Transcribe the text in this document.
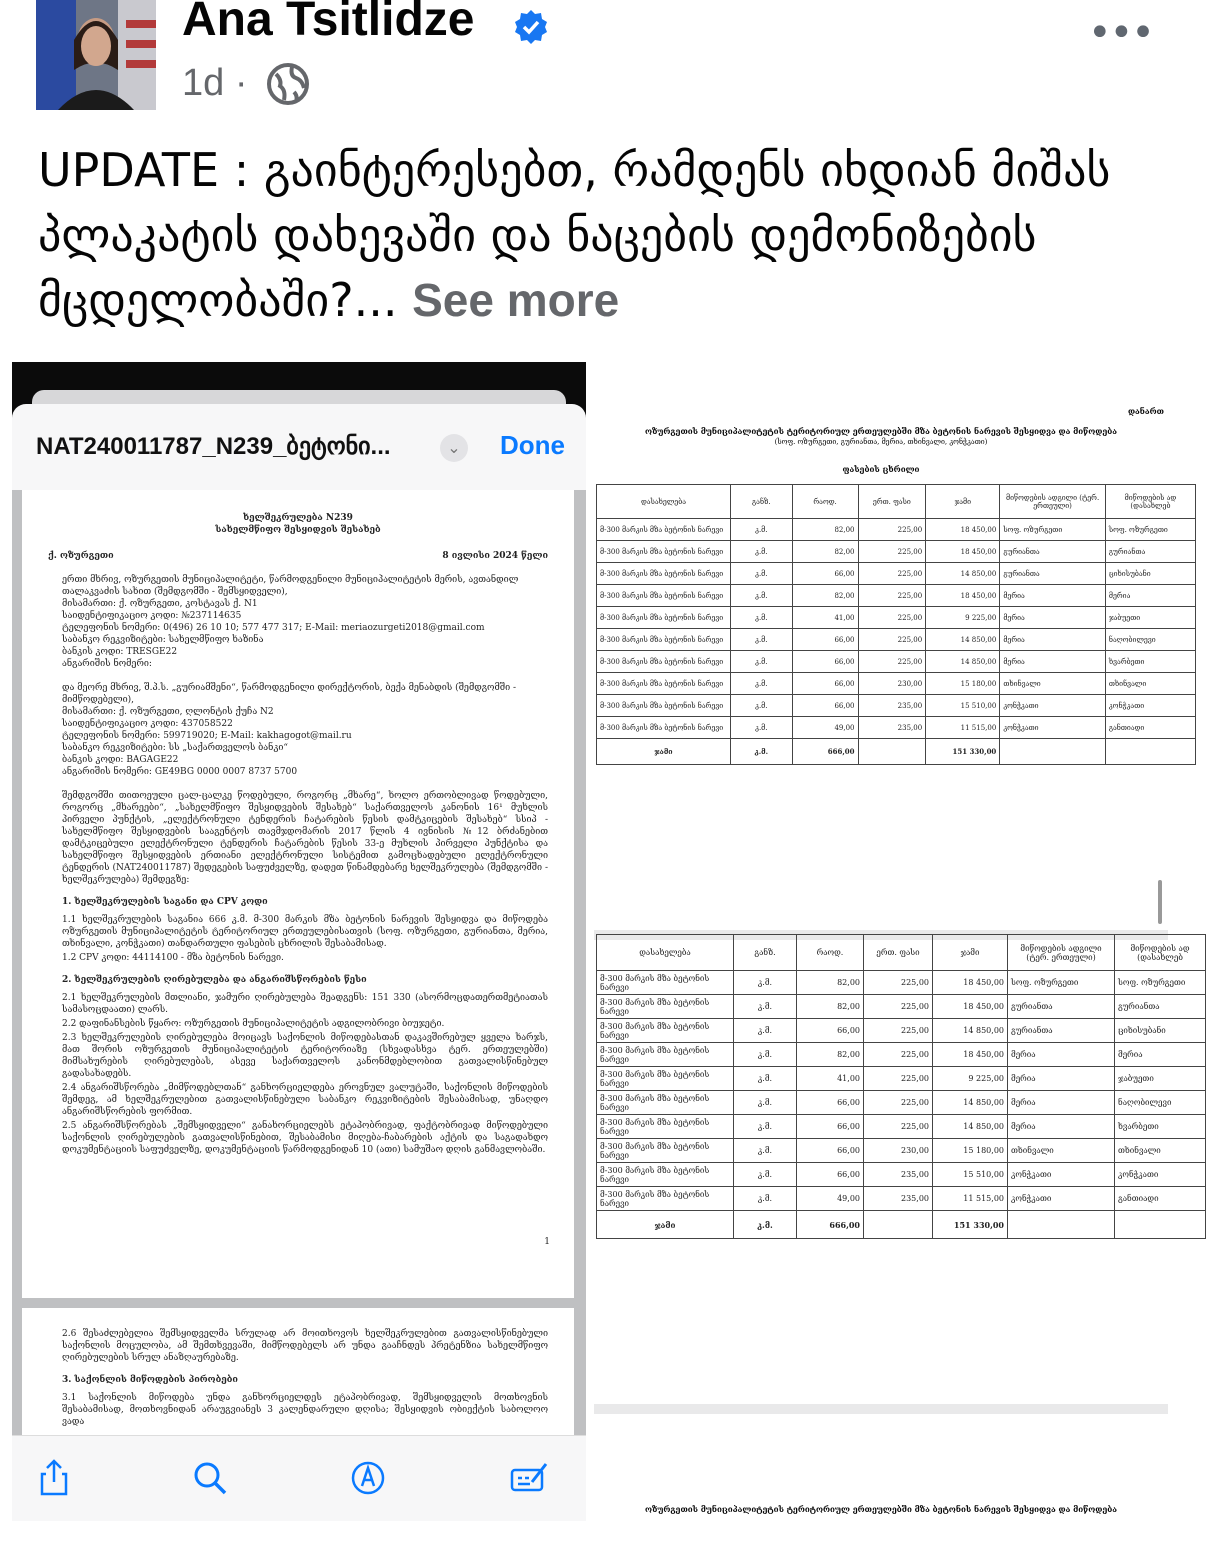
Ana Tsitlidze
1d ·
•••
UPDATE : გაინტერესებთ, რამდენს იხდიან მიშას პლაკატის დახევაში და ნაცების დემონიზების მცდელობაში?... See more
NAT240011787_N239_ბეტონი...	⌄ Done
ხელშეკრულება N239
სახელმწიფო შესყიდვის შესახებ
ქ. ოზურგეთი	8 ივლისი 2024 წელი
ერთი მხრივ, ოზურგეთის მუნიციპალიტეტი, წარმოდგენილი მუნიციპალიტეტის მერის, ავთანდილ
თალაკვაძის სახით (შემდგომში - შემსყიდველი),
მისამართი: ქ. ოზურგეთი, კოსტავას ქ. N1
საიდენტიფიკაციო კოდი: №237114635
ტელეფონის ნომერი: 0(496) 26 10 10; 577 477 317; E-Mail: meriaozurgeti2018@gmail.com
საბანკო რეკვიზიტები: სახელმწიფო ხაზინა
ბანკის კოდი: TRESGE22
ანგარიშის ნომერი:
და მეორე მხრივ, შ.პ.ს. „გურიამშენი“, წარმოდგენილი დირექტორის, ბექა მენაბდის (შემდგომში -
მიმწოდებელი),
მისამართი: ქ. ოზურგეთი, ღლონტის ქუჩა N2
საიდენტიფიკაციო კოდი: 437058522
ტელეფონის ნომერი: 599719020; E-Mail: kakhagogot@mail.ru
საბანკო რეკვიზიტები: სს „საქართველოს ბანკი“
ბანკის კოდი: BAGAGE22
ანგარიშის ნომერი: GE49BG 0000 0007 8737 5700
შემდგომში თითოეული ცალ-ცალკე წოდებული, როგორც „მხარე“, ხოლო ერთობლივად წოდებული, როგორც „მხარეები“, „სახელმწიფო შესყიდვების შესახებ“ საქართველოს კანონის 16¹ მუხლის პირველი პუნქტის, „ელექტრონული ტენდერის ჩატარების წესის დამტკიცების შესახებ“ სსიპ - სახელმწიფო შესყიდვების სააგენტოს თავმჯდომარის 2017 წლის 4 ივნისის №12 ბრძანებით დამტკიცებული ელექტრონული ტენდერის ჩატარების წესის 33-ე მუხლის პირველი პუნქტისა და სახელმწიფო შესყიდვების ერთიანი ელექტრონული სისტემით გამოცხადებული ელექტრონული ტენდერის (NAT240011787) შედეგების საფუძველზე, დადეთ წინამდებარე ხელშეკრულება (შემდგომში - ხელშეკრულება) შემდეგზე:
1. ხელშეკრულების საგანი და CPV კოდი
1.1 ხელშეკრულების საგანია 666 კ.მ. მ-300 მარკის მზა ბეტონის ნარევის შესყიდვა და მიწოდება ოზურგეთის მუნიციპალიტეტის ტერიტორიულ ერთეულებისათვის (სოფ. ოზურგეთი, გურიანთა, მერია, თხინვალი, კონჭკათი) თანდართული ფასების ცხრილის შესაბამისად.
1.2 CPV კოდი: 44114100 - მზა ბეტონის ნარევი.
2. ხელშეკრულების ღირებულება და ანგარიშსწორების წესი
2.1 ხელშეკრულების მთლიანი, ჯამური ღირებულება შეადგენს: 151 330 (ასორმოცდათერთმეტიათას სამასოცდაათი) ლარს.
2.2 დაფინანსების წყარო: ოზურგეთის მუნიციპალიტეტის ადგილობრივი ბიუჯეტი.
2.3 ხელშეკრულების ღირებულება მოიცავს საქონლის მიწოდებასთან დაკავშირებულ ყველა ხარჯს, მათ შორის ოზურგეთის მუნიციპალიტეტის ტერიტორიაზე (სხვადასხვა ტერ. ერთეულებში) მიმსახურების ღირებულებას, ასევე საქართველოს კანონმდებლობით გათვალისწინებულ გადასახადებს.
2.4 ანგარიშსწორება „მიმწოდებლთან“ განხორციელდება ეროვნულ ვალუტაში, საქონლის მიწოდების შემდეგ, ამ ხელშეკრულებით გათვალისწინებული საბანკო რეკვიზიტების შესაბამისად, უნაღდო ანგარიშსწორების ფორმით.
2.5 ანგარიშსწორებას „შემსყიდველი“ განახორციელებს ეტაპობრივად, ფაქტობრივად მიწოდებული საქონლის ღირებულების გათვალისწინებით, შესაბამისი მიღება-ჩაბარების აქტის და საგადახდო დოკუმენტაციის საფუძველზე, დოკუმენტაციის წარმოდგენიდან 10 (ათი) სამუშაო დღის განმავლობაში.
1
2.6 შესაძლებელია შემსყიდველმა სრულად არ მოითხოვოს ხელშეკრულებით გათვალისწინებული საქონლის მოცულობა, ამ შემთხვევაში, მიმწოდებელს არ უნდა გააჩნდეს პრეტენზია სახელმწიფო ღირებულების სრულ ანაზღაურებაზე.
3. საქონლის მიწოდების პირობები
3.1 საქონლის მიწოდება უნდა განხორციელდეს ეტაპობრივად, შემსყიდველის მოთხოვნის შესაბამისად, მოთხოვნიდან არაუგვიანეს 3 კალენდარული დღისა; შესყიდვის ობიექტის საბოლოო ვადა
დანართ
ოზურგეთის მუნიციპალიტეტის ტერიტორიულ ერთეულებში მზა ბეტონის ნარევის შესყიდვა და მიწოდება
(სოფ. ოზურგეთი, გურიანთა, მერია, თხინვალი, კონჭკათი)
ფასების ცხრილი
დასახელება	განზ.	რაოდ.	ერთ. ფასი	ჯამი	მიწოდების ადგილი (ტერ. ერთეული)	მიწოდების ად (დასახლებ
მ-300 მარკის მზა ბეტონის ნარევი	კ.მ.	82,00	225,00	18 450,00	სოფ. ოზურგეთი	სოფ. ოზურგეთი
მ-300 მარკის მზა ბეტონის ნარევი	კ.მ.	82,00	225,00	18 450,00	გურიანთა	გურიანთა
მ-300 მარკის მზა ბეტონის ნარევი	კ.მ.	66,00	225,00	14 850,00	გურიანთა	ციხისუბანი
მ-300 მარკის მზა ბეტონის ნარევი	კ.მ.	82,00	225,00	18 450,00	მერია	მერია
მ-300 მარკის მზა ბეტონის ნარევი	კ.მ.	41,00	225,00	9 225,00	მერია	ჯაბუეთი
მ-300 მარკის მზა ბეტონის ნარევი	კ.მ.	66,00	225,00	14 850,00	მერია	ნაღობილევი
მ-300 მარკის მზა ბეტონის ნარევი	კ.მ.	66,00	225,00	14 850,00	მერია	ხვარბეთი
მ-300 მარკის მზა ბეტონის ნარევი	კ.მ.	66,00	230,00	15 180,00	თხინვალი	თხინვალი
მ-300 მარკის მზა ბეტონის ნარევი	კ.მ.	66,00	235,00	15 510,00	კონჭკათი	კონჭკათი
მ-300 მარკის მზა ბეტონის ნარევი	კ.მ.	49,00	235,00	11 515,00	კონჭკათი	განთიადი
ჯამი	კ.მ.	666,00		151 330,00		
დასახელება	განზ.	რაოდ.	ერთ. ფასი	ჯამი	მიწოდების ადგილი (ტერ. ერთეული)	მიწოდების ად (დასახლებ
მ-300 მარკის მზა ბეტონის ნარევი	კ.მ.	82,00	225,00	18 450,00	სოფ. ოზურგეთი	სოფ. ოზურგეთი
მ-300 მარკის მზა ბეტონის ნარევი	კ.მ.	82,00	225,00	18 450,00	გურიანთა	გურიანთა
მ-300 მარკის მზა ბეტონის ნარევი	კ.მ.	66,00	225,00	14 850,00	გურიანთა	ციხისუბანი
მ-300 მარკის მზა ბეტონის ნარევი	კ.მ.	82,00	225,00	18 450,00	მერია	მერია
მ-300 მარკის მზა ბეტონის ნარევი	კ.მ.	41,00	225,00	9 225,00	მერია	ჯაბუეთი
მ-300 მარკის მზა ბეტონის ნარევი	კ.მ.	66,00	225,00	14 850,00	მერია	ნაღობილევი
მ-300 მარკის მზა ბეტონის ნარევი	კ.მ.	66,00	225,00	14 850,00	მერია	ხვარბეთი
მ-300 მარკის მზა ბეტონის ნარევი	კ.მ.	66,00	230,00	15 180,00	თხინვალი	თხინვალი
მ-300 მარკის მზა ბეტონის ნარევი	კ.მ.	66,00	235,00	15 510,00	კონჭკათი	კონჭკათი
მ-300 მარკის მზა ბეტონის ნარევი	კ.მ.	49,00	235,00	11 515,00	კონჭკათი	განთიადი
ჯამი	კ.მ.	666,00		151 330,00		
ოზურგეთის მუნიციპალიტეტის ტერიტორიულ ერთეულებში მზა ბეტონის ნარევის შესყიდვა და მიწოდება
